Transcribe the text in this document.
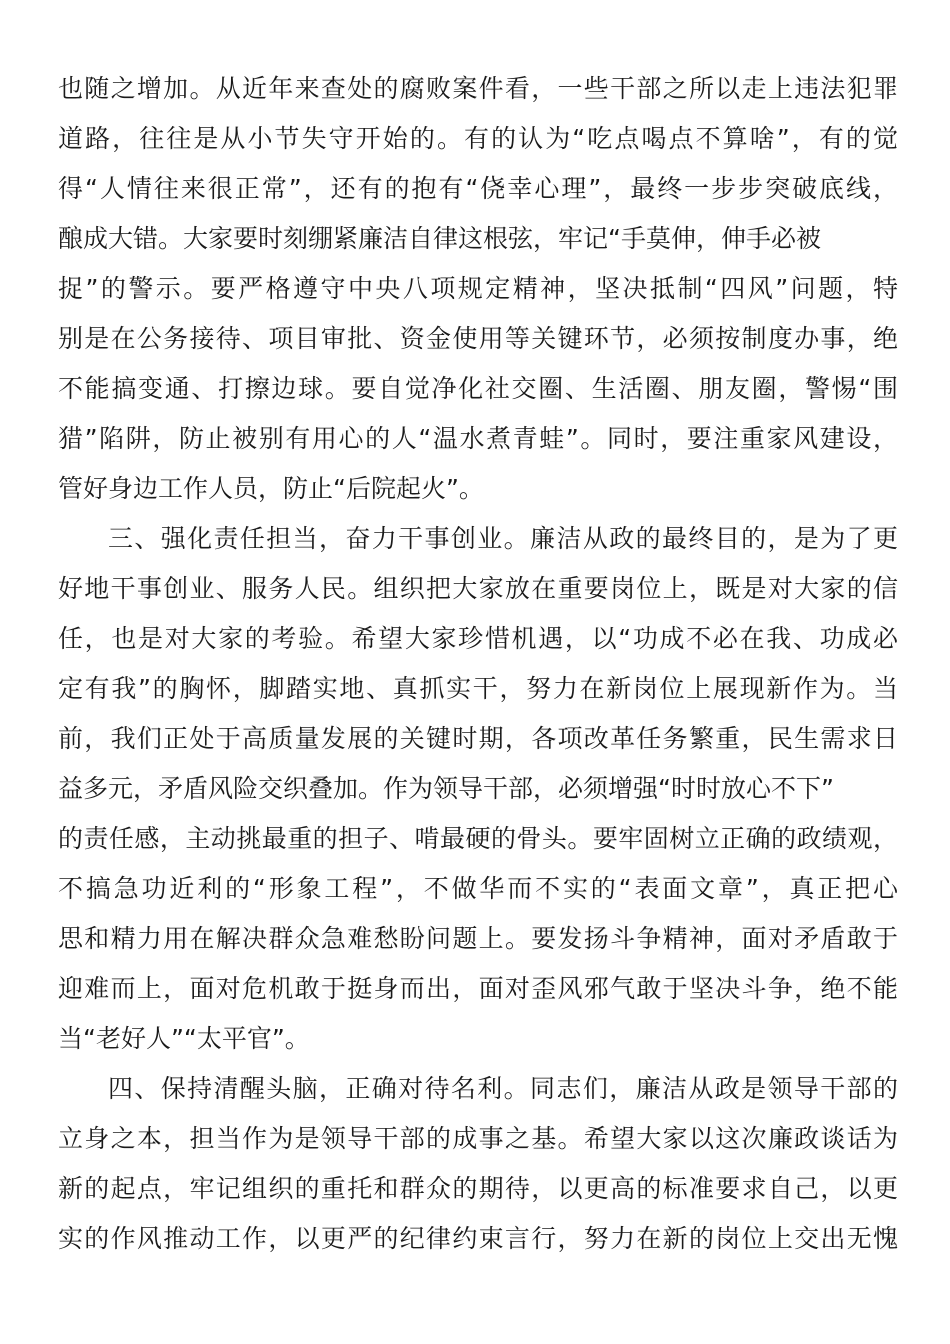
也随之增加。从近年来查处的腐败案件看，一些干部之所以走上违法犯罪
道路，往往是从小节失守开始的。有的认为“吃点喝点不算啥”，有的觉
得“人情往来很正常”，还有的抱有“侥幸心理”，最终一步步突破底线，
酿成大错。大家要时刻绷紧廉洁自律这根弦，牢记“手莫伸，伸手必被
捉”的警示。要严格遵守中央八项规定精神，坚决抵制“四风”问题，特
别是在公务接待、项目审批、资金使用等关键环节，必须按制度办事，绝
不能搞变通、打擦边球。要自觉净化社交圈、生活圈、朋友圈，警惕“围
猎”陷阱，防止被别有用心的人“温水煮青蛙”。同时，要注重家风建设，
管好身边工作人员，防止“后院起火”。
三、强化责任担当，奋力干事创业。廉洁从政的最终目的，是为了更
好地干事创业、服务人民。组织把大家放在重要岗位上，既是对大家的信
任，也是对大家的考验。希望大家珍惜机遇，以“功成不必在我、功成必
定有我”的胸怀，脚踏实地、真抓实干，努力在新岗位上展现新作为。当
前，我们正处于高质量发展的关键时期，各项改革任务繁重，民生需求日
益多元，矛盾风险交织叠加。作为领导干部，必须增强“时时放心不下”
的责任感，主动挑最重的担子、啃最硬的骨头。要牢固树立正确的政绩观，
不搞急功近利的“形象工程”，不做华而不实的“表面文章”，真正把心
思和精力用在解决群众急难愁盼问题上。要发扬斗争精神，面对矛盾敢于
迎难而上，面对危机敢于挺身而出，面对歪风邪气敢于坚决斗争，绝不能
当“老好人”“太平官”。
四、保持清醒头脑，正确对待名利。同志们，廉洁从政是领导干部的
立身之本，担当作为是领导干部的成事之基。希望大家以这次廉政谈话为
新的起点，牢记组织的重托和群众的期待，以更高的标准要求自己，以更
实的作风推动工作，以更严的纪律约束言行，努力在新的岗位上交出无愧
